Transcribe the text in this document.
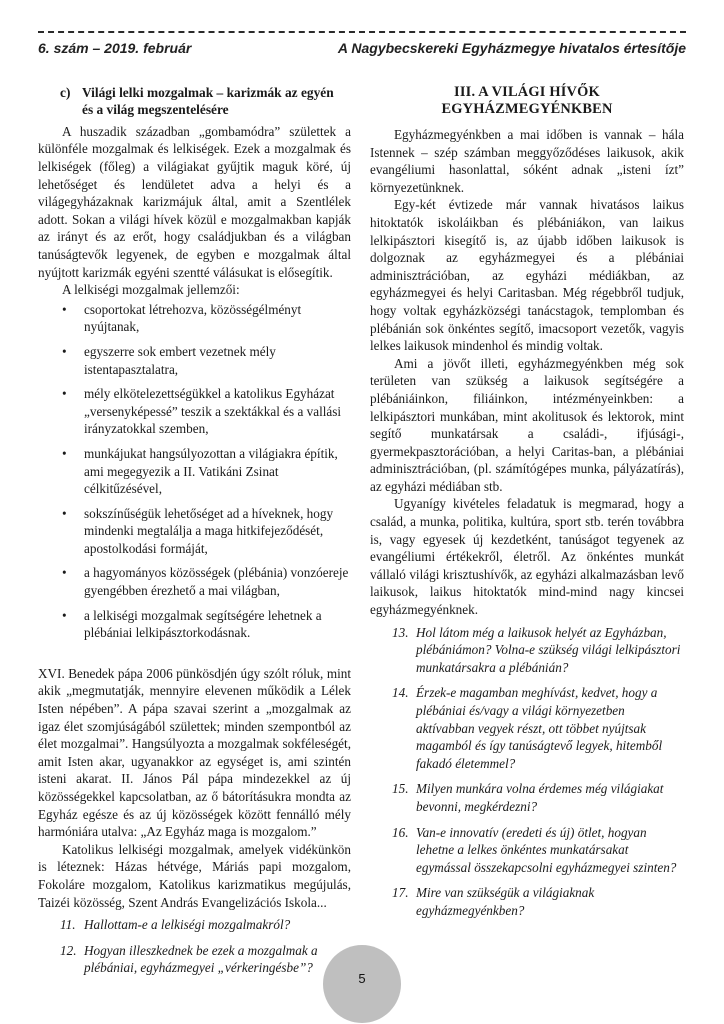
6. szám – 2019. február	A Nagybecskereki Egyházmegye hivatalos értesítője
c) Világi lelki mozgalmak – karizmák az egyén és a világ megszentelésére

A huszadik században „gombamódra” születtek a különféle mozgalmak és lelkiségek. Ezek a mozgalmak és lelkiségek (főleg) a világiakat gyűjtik maguk köré, új lehetőséget és lendületet adva a helyi és a világegyházaknak karizmájuk által, amit a Szentlélek adott. Sokan a világi hívek közül e mozgalmakban kapják az irányt és az erőt, hogy családjukban és a világban tanúságtevők legyenek, de egyben e mozgalmak által nyújtott karizmák egyéni szentté válásukat is elősegítik.

A lelkiségi mozgalmak jellemzői:

• csoportokat létrehozva, közösségélményt nyújtanak,
• egyszerre sok embert vezetnek mély istentapasztalatra,
• mély elkötelezettségükkel a katolikus Egyházat „versenyképessé” teszik a szektákkal és a vallási irányzatokkal szemben,
• munkájukat hangsúlyozottan a világiakra építik, ami megegyezik a II. Vatikáni Zsinat célkitűzésével,
• sokszínűségük lehetőséget ad a híveknek, hogy mindenki megtalálja a maga hitkifejeződését, apostolkodási formáját,
• a hagyományos közösségek (plébánia) vonzóereje gyengébben érezhető a mai világban,
• a lelkiségi mozgalmak segítségére lehetnek a plébániai lelkipásztorkodásnak.

XVI. Benedek pápa 2006 pünkösdjén úgy szólt róluk, mint akik „megmutatják, mennyire elevenen működik a Lélek Isten népében”. A pápa szavai szerint a „mozgalmak az igaz élet szomjúságából születtek; minden szempontból az élet mozgalmai”. Hangsúlyozta a mozgalmak sokféleségét, amit Isten akar, ugyanakkor az egységet is, ami szintén isteni akarat. II. János Pál pápa mindezekkel az új közösségekkel kapcsolatban, az ő bátorításukra mondta az Egyház egésze és az új közösségek között fennálló mély harmóniára utalva: „Az Egyház maga is mozgalom.”

Katolikus lelkiségi mozgalmak, amelyek vidékünkön is léteznek: Házas hétvége, Máriás papi mozgalom, Fokoláre mozgalom, Katolikus karizmatikus megújulás, Taizéi közösség, Szent András Evangelizációs Iskola...

11. Hallottam-e a lelkiségi mozgalmakról?
12. Hogyan illeszkednek be ezek a mozgalmak a plébániai, egyházmegyei „vérkeringésbe”?
III. A VILÁGI HÍVŐK
EGYHÁZMEGYÉNKBEN

Egyházmegyénkben a mai időben is vannak – hála Istennek – szép számban meggyőződéses laikusok, akik evangéliumi hasonlattal, sóként adnak „isteni ízt” környezetünknek.

Egy-két évtizede már vannak hivatásos laikus hitoktatók iskoláikban és plébániákon, van laikus lelkipásztori kisegítő is, az újabb időben laikusok is dolgoznak az egyházmegyei és a plébániai adminisztrációban, az egyházi médiákban, az egyházmegyei és helyi Caritasban. Még régebbről tudjuk, hogy voltak egyházközségi tanácstagok, templomban és plébánián sok önkéntes segítő, imacsoport vezetők, vagyis lelkes laikusok mindenhol és mindig voltak.

Ami a jövőt illeti, egyházmegyénkben még sok területen van szükség a laikusok segítségére a plébániáinkon, filiáinkon, intézményeinkben: a lelkipásztori munkában, mint akolitusok és lektorok, mint segítő munkatársak a családi-, ifjúsági-, gyermekpasztorációban, a helyi Caritas-ban, a plébániai adminisztrációban, (pl. számítógépes munka, pályázatírás), az egyházi médiában stb.

Ugyanígy kivételes feladatuk is megmarad, hogy a család, a munka, politika, kultúra, sport stb. terén továbbra is, vagy egyesek új kezdetként, tanúságot tegyenek az evangéliumi értékekről, életről. Az önkéntes munkát vállaló világi krisztushívők, az egyházi alkalmazásban levő laikusok, laikus hitoktatók mind-mind nagy kincsei egyházmegyénknek.

13. Hol látom még a laikusok helyét az Egyházban, plébániámon? Volna-e szükség világi lelkipásztori munkatársakra a plébánián?
14. Érzek-e magamban meghívást, kedvet, hogy a plébániai és/vagy a világi környezetben aktívabban vegyek részt, ott többet nyújtsak magamból és így tanúságtevő legyek, hitemből fakadó életemmel?
15. Milyen munkára volna érdemes még világiakat bevonni, megkérdezni?
16. Van-e innovatív (eredeti és új) ötlet, hogyan lehetne a lelkes önkéntes munkatársakat egymással összekapcsolni egyházmegyei szinten?
17. Mire van szükségük a világiaknak egyházmegyénkben?
5
